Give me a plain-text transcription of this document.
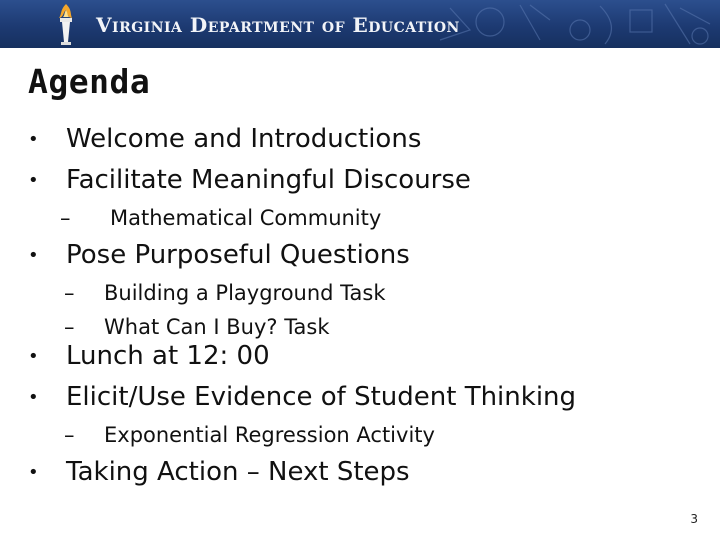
Virginia Department of Education
Agenda
• Welcome and Introductions
• Facilitate Meaningful Discourse
– Mathematical Community
• Pose Purposeful Questions
– Building a Playground Task
– What Can I Buy? Task
• Lunch at 12: 00
• Elicit/Use Evidence of Student Thinking
– Exponential Regression Activity
• Taking Action – Next Steps
3
